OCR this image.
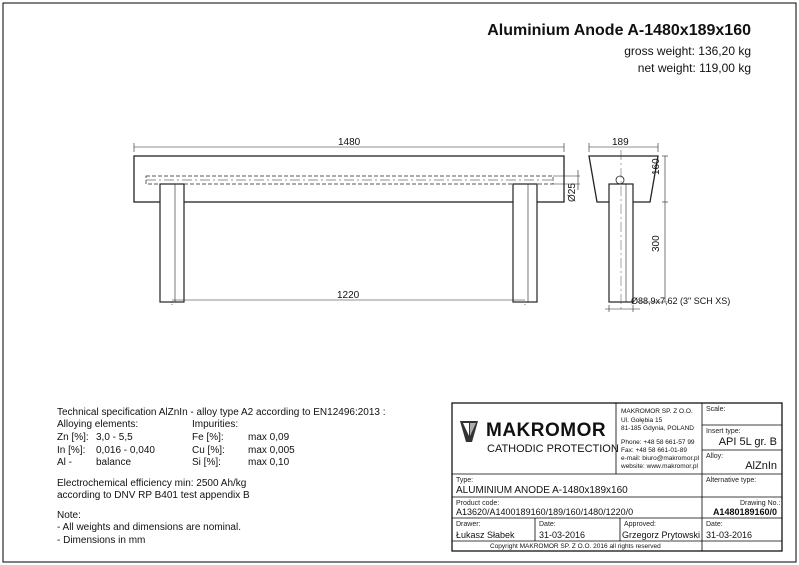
Aluminium Anode A-1480x189x160
gross weight: 136,20 kg
net weight: 119,00 kg
1480
1220
189
160
300
Ø25
Ø88,9x7,62 (3" SCH XS)
Technical specification AlZnIn - alloy type A2 according to EN12496:2013 :
Alloying elements:	Impurities:
Zn [%]: 3,0 - 5,5	Fe [%]: max 0,09
In [%]: 0,016 - 0,040	Cu [%]: max 0,005
Al - balance	Si [%]:	max 0,10
Electrochemical efficiency min: 2500 Ah/kg
according to DNV RP B401 test appendix B
Note:
- All weights and dimensions are nominal.
- Dimensions in mm
MAKROMOR
CATHODIC PROTECTION
MAKROMOR SP. Z O.O.
Ul. Gołębia 15
81-185 Gdynia, POLAND
Phone: +48 58 661-57 99
Fax: +48 58 661-01-89
e-mail: biuro@makromor.pl
website: www.makromor.pl
Scale:
Insert type:
API 5L gr. B
Alloy:
AlZnIn
Alternative type:
Type:
ALUMINIUM ANODE A-1480x189x160
Product code:
A13620/A1400189160/189/160/1480/1220/0
Drawing No.:
A1480189160/0
Drawer:
Łukasz Słabek
Date:
31-03-2016
Approved:
Grzegorz Prytowski
Date:
31-03-2016
Copyright MAKROMOR SP. Z O.O. 2016 all rights reserved
